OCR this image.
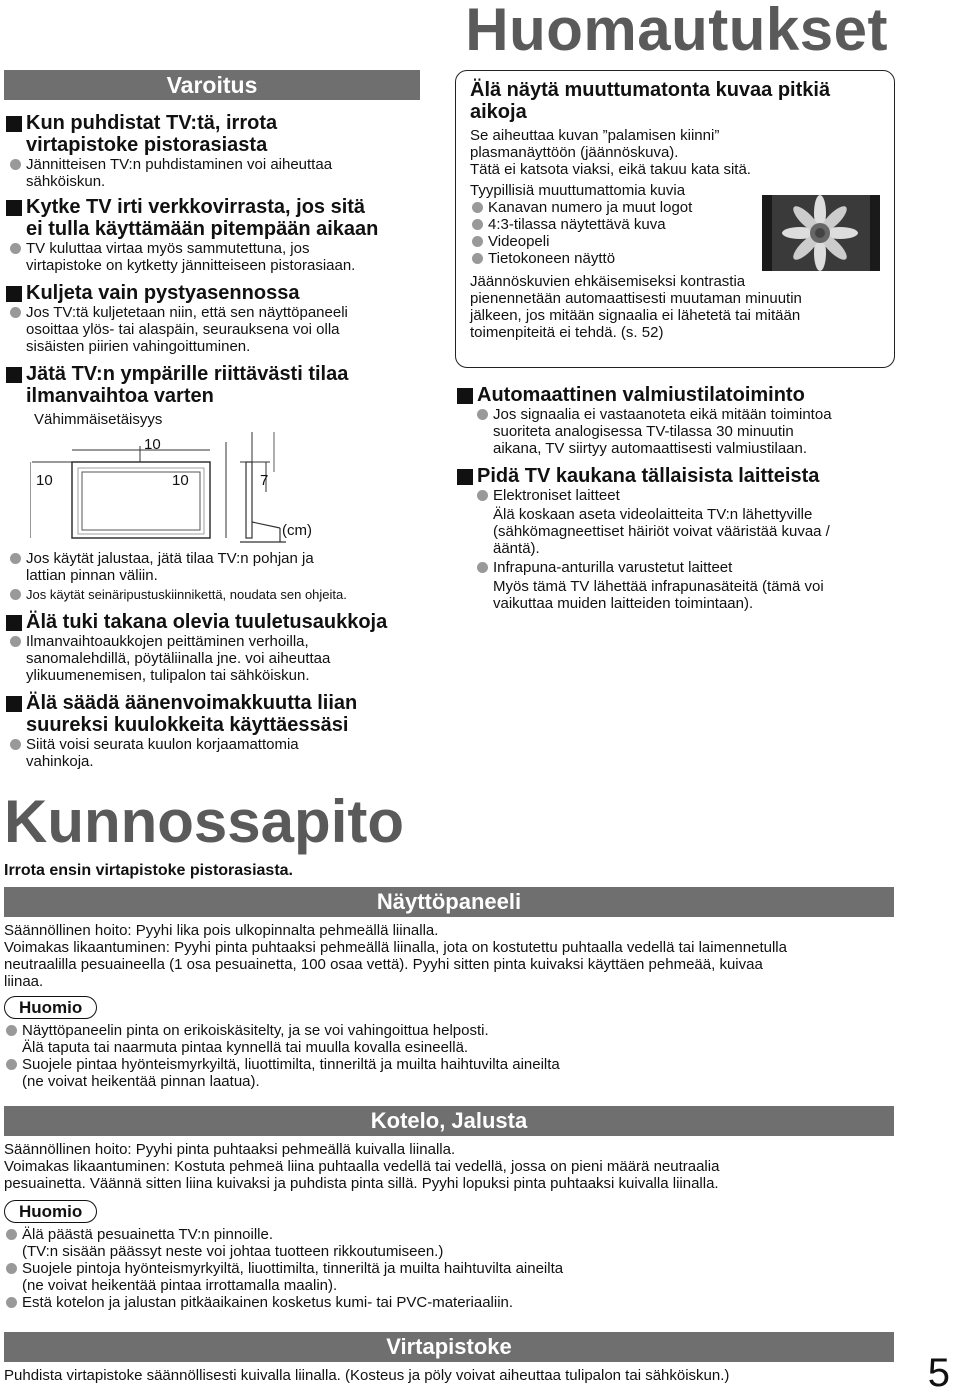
Huomautukset
Varoitus
Kun puhdistat TV:tä, irrota
virtapistoke pistorasiasta
Jännitteisen TV:n puhdistaminen voi aiheuttaa
sähköiskun.
Kytke TV irti verkkovirrasta, jos sitä
ei tulla käyttämään pitempään aikaan
TV kuluttaa virtaa myös sammutettuna, jos
virtapistoke on kytketty jännitteiseen pistorasiaan.
Kuljeta vain pystyasennossa
Jos TV:tä kuljetetaan niin, että sen näyttöpaneeli
osoittaa ylös- tai alaspäin, seurauksena voi olla
sisäisten piirien vahingoittuminen.
Jätä TV:n ympärille riittävästi tilaa
ilmanvaihtoa varten
Vähimmäisetäisyys
10
10	10	7
(cm)
Jos käytät jalustaa, jätä tilaa TV:n pohjan ja
lattian pinnan väliin.
Jos käytät seinäripustuskiinnikettä, noudata sen ohjeita.
Älä tuki takana olevia tuuletusaukkoja
Ilmanvaihtoaukkojen peittäminen verhoilla,
sanomalehdillä, pöytäliinalla jne. voi aiheuttaa
ylikuumenemisen, tulipalon tai sähköiskun.
Älä säädä äänenvoimakkuutta liian
suureksi kuulokkeita käyttäessäsi
Siitä voisi seurata kuulon korjaamattomia
vahinkoja.
Älä näytä muuttumatonta kuvaa pitkiä
aikoja
Se aiheuttaa kuvan ”palamisen kiinni”
plasmanäyttöön (jäännöskuva).
Tätä ei katsota viaksi, eikä takuu kata sitä.
Tyypillisiä muuttumattomia kuvia
Kanavan numero ja muut logot
4:3-tilassa näytettävä kuva
Videopeli
Tietokoneen näyttö
Jäännöskuvien ehkäisemiseksi kontrastia
pienennetään automaattisesti muutaman minuutin
jälkeen, jos mitään signaalia ei lähetetä tai mitään
toimenpiteitä ei tehdä. (s. 52)
Automaattinen valmiustilatoiminto
Jos signaalia ei vastaanoteta eikä mitään toimintoa
suoriteta analogisessa TV-tilassa 30 minuutin
aikana, TV siirtyy automaattisesti valmiustilaan.
Pidä TV kaukana tällaisista laitteista
Elektroniset laitteet
Älä koskaan aseta videolaitteita TV:n lähettyville
(sähkömagneettiset häiriöt voivat vääristää kuvaa /
ääntä).
Infrapuna-anturilla varustetut laitteet
Myös tämä TV lähettää infrapunasäteitä (tämä voi
vaikuttaa muiden laitteiden toimintaan).
Kunnossapito
Irrota ensin virtapistoke pistorasiasta.
Näyttöpaneeli
Säännöllinen hoito: Pyyhi lika pois ulkopinnalta pehmeällä liinalla.
Voimakas likaantuminen: Pyyhi pinta puhtaaksi pehmeällä liinalla, jota on kostutettu puhtaalla vedellä tai laimennetulla
neutraalilla pesuaineella (1 osa pesuainetta, 100 osaa vettä). Pyyhi sitten pinta kuivaksi käyttäen pehmeää, kuivaa
liinaa.
Huomio
Näyttöpaneelin pinta on erikoiskäsitelty, ja se voi vahingoittua helposti.
Älä taputa tai naarmuta pintaa kynnellä tai muulla kovalla esineellä.
Suojele pintaa hyönteismyrkyiltä, liuottimilta, tinneriltä ja muilta haihtuvilta aineilta
(ne voivat heikentää pinnan laatua).
Kotelo, Jalusta
Säännöllinen hoito: Pyyhi pinta puhtaaksi pehmeällä kuivalla liinalla.
Voimakas likaantuminen: Kostuta pehmeä liina puhtaalla vedellä tai vedellä, jossa on pieni määrä neutraalia
pesuainetta. Väännä sitten liina kuivaksi ja puhdista pinta sillä. Pyyhi lopuksi pinta puhtaaksi kuivalla liinalla.
Huomio
Älä päästä pesuainetta TV:n pinnoille.
(TV:n sisään päässyt neste voi johtaa tuotteen rikkoutumiseen.)
Suojele pintoja hyönteismyrkyiltä, liuottimilta, tinneriltä ja muilta haihtuvilta aineilta
(ne voivat heikentää pintaa irrottamalla maalin).
Estä kotelon ja jalustan pitkäaikainen kosketus kumi- tai PVC-materiaaliin.
Virtapistoke
Puhdista virtapistoke säännöllisesti kuivalla liinalla. (Kosteus ja pöly voivat aiheuttaa tulipalon tai sähköiskun.)	5
